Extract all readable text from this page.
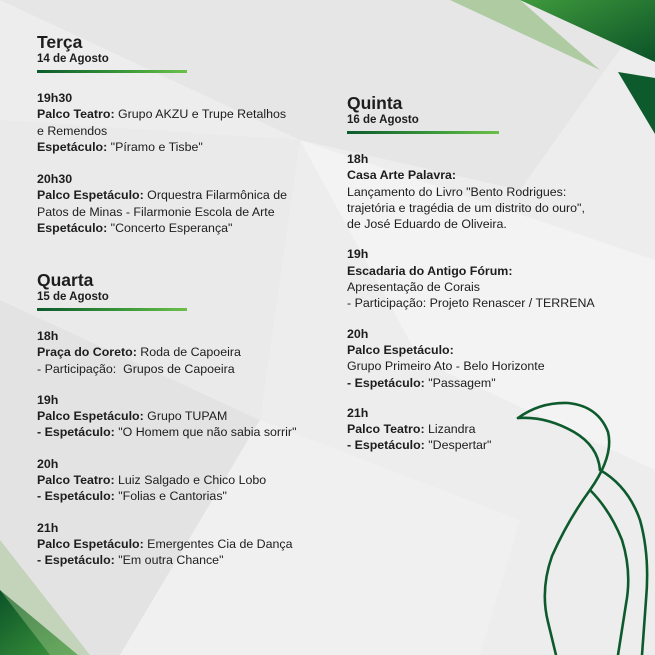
Terça
14 de Agosto

19h30

Palco Teatro: Grupo AKZU e Trupe Retalhos

e Remendos

Espetáculo: "Píramo e Tisbe"

20h30

Palco Espetáculo: Orquestra Filarmônica de

Patos de Minas - Filarmonie Escola de Arte

Espetáculo: "Concerto Esperança"

Quarta
15 de Agosto

18h

Praça do Coreto: Roda de Capoeira

- Participação:  Grupos de Capoeira

19h

Palco Espetáculo: Grupo TUPAM

- Espetáculo: "O Homem que não sabia sorrir"

20h

Palco Teatro: Luiz Salgado e Chico Lobo

- Espetáculo: "Folias e Cantorias"

21h

Palco Espetáculo: Emergentes Cia de Dança

- Espetáculo: "Em outra Chance"

Quinta
16 de Agosto

18h

Casa Arte Palavra:

Lançamento do Livro "Bento Rodrigues:

trajetória e tragédia de um distrito do ouro",

de José Eduardo de Oliveira.

19h

Escadaria do Antigo Fórum:

Apresentação de Corais

- Participação: Projeto Renascer / TERRENA

20h

Palco Espetáculo:

Grupo Primeiro Ato - Belo Horizonte

- Espetáculo: "Passagem"

21h

Palco Teatro: Lizandra

- Espetáculo: "Despertar"
